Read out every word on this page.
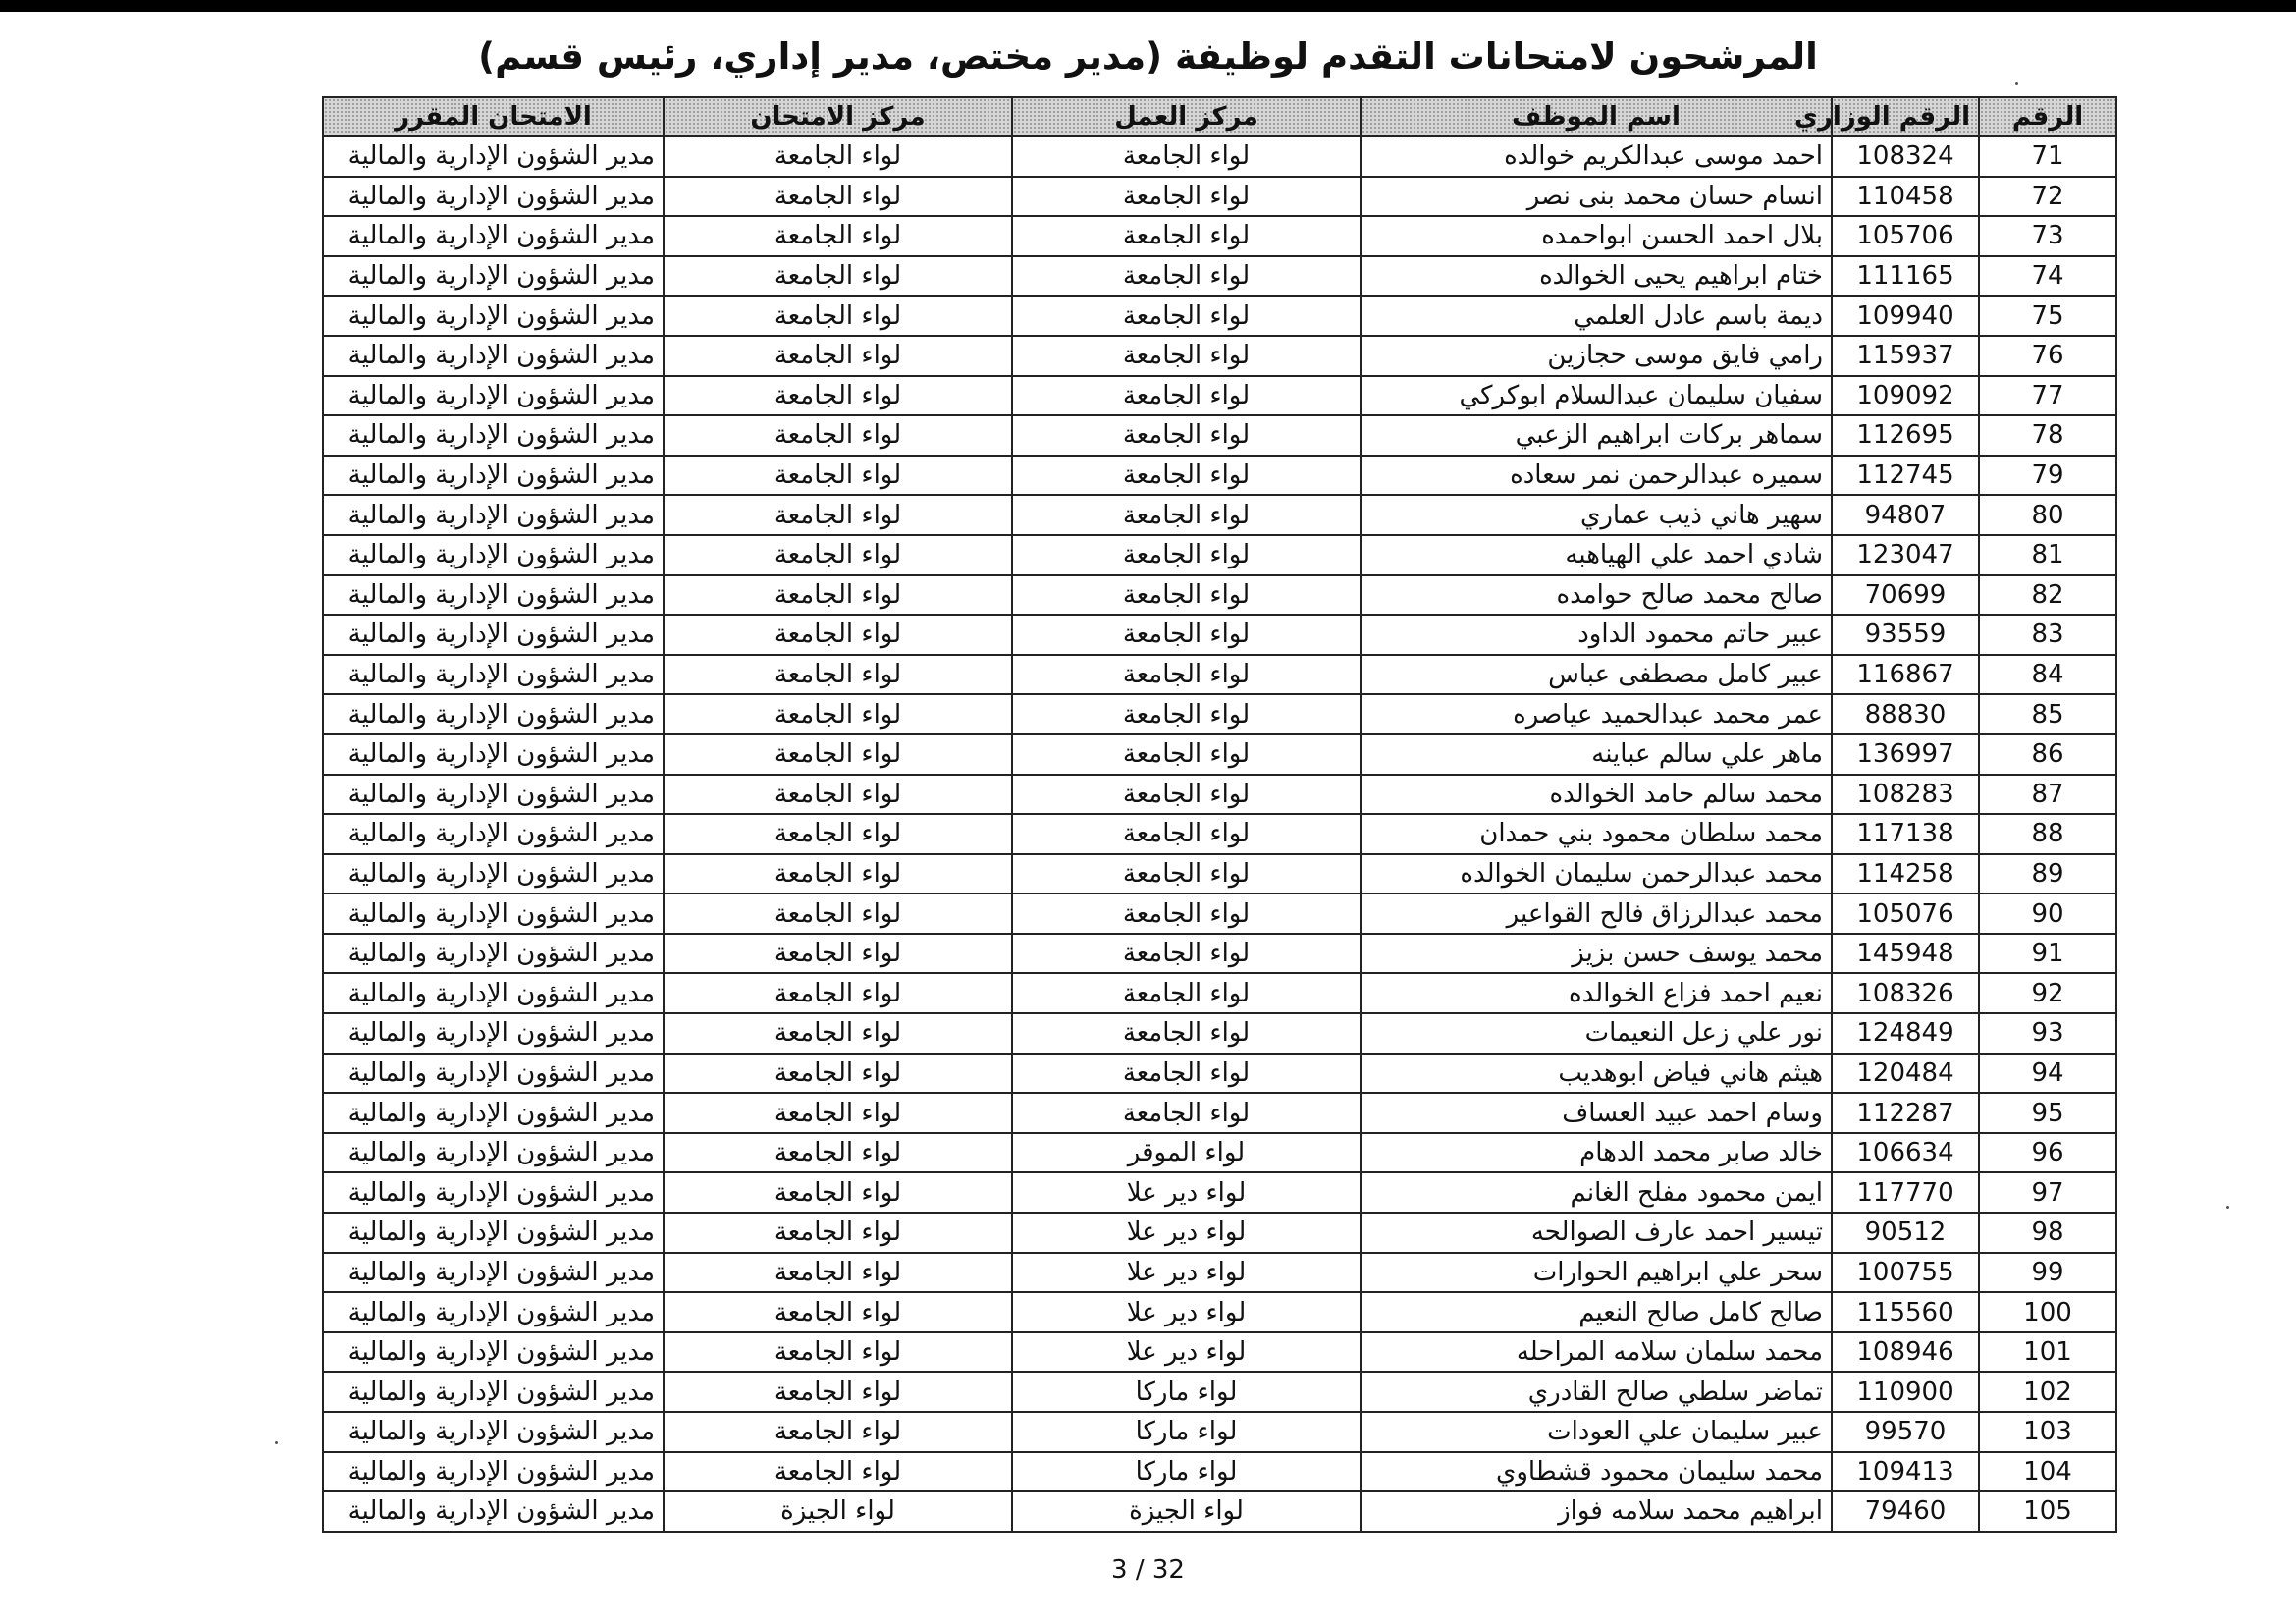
المرشحون لامتحانات التقدم لوظيفة (مدير مختص، مدير إداري، رئيس قسم)
الرقم	الرقم الوزاري	اسم الموظف	مركز العمل	مركز الامتحان	الامتحان المقرر
71	108324	احمد موسى عبدالكريم خوالده	لواء الجامعة	لواء الجامعة	مدير الشؤون الإدارية والمالية
72	110458	انسام حسان محمد بنى نصر	لواء الجامعة	لواء الجامعة	مدير الشؤون الإدارية والمالية
73	105706	بلال احمد الحسن ابواحمده	لواء الجامعة	لواء الجامعة	مدير الشؤون الإدارية والمالية
74	111165	ختام ابراهيم يحيى الخوالده	لواء الجامعة	لواء الجامعة	مدير الشؤون الإدارية والمالية
75	109940	ديمة باسم عادل العلمي	لواء الجامعة	لواء الجامعة	مدير الشؤون الإدارية والمالية
76	115937	رامي فايق موسى حجازين	لواء الجامعة	لواء الجامعة	مدير الشؤون الإدارية والمالية
77	109092	سفيان سليمان عبدالسلام ابوكركي	لواء الجامعة	لواء الجامعة	مدير الشؤون الإدارية والمالية
78	112695	سماهر بركات ابراهيم الزعبي	لواء الجامعة	لواء الجامعة	مدير الشؤون الإدارية والمالية
79	112745	سميره عبدالرحمن نمر سعاده	لواء الجامعة	لواء الجامعة	مدير الشؤون الإدارية والمالية
80	94807	سهير هاني ذيب عماري	لواء الجامعة	لواء الجامعة	مدير الشؤون الإدارية والمالية
81	123047	شادي احمد علي الهياهبه	لواء الجامعة	لواء الجامعة	مدير الشؤون الإدارية والمالية
82	70699	صالح محمد صالح حوامده	لواء الجامعة	لواء الجامعة	مدير الشؤون الإدارية والمالية
83	93559	عبير حاتم محمود الداود	لواء الجامعة	لواء الجامعة	مدير الشؤون الإدارية والمالية
84	116867	عبير كامل مصطفى عباس	لواء الجامعة	لواء الجامعة	مدير الشؤون الإدارية والمالية
85	88830	عمر محمد عبدالحميد عياصره	لواء الجامعة	لواء الجامعة	مدير الشؤون الإدارية والمالية
86	136997	ماهر علي سالم عباينه	لواء الجامعة	لواء الجامعة	مدير الشؤون الإدارية والمالية
87	108283	محمد سالم حامد الخوالده	لواء الجامعة	لواء الجامعة	مدير الشؤون الإدارية والمالية
88	117138	محمد سلطان محمود بني حمدان	لواء الجامعة	لواء الجامعة	مدير الشؤون الإدارية والمالية
89	114258	محمد عبدالرحمن سليمان الخوالده	لواء الجامعة	لواء الجامعة	مدير الشؤون الإدارية والمالية
90	105076	محمد عبدالرزاق فالح القواعير	لواء الجامعة	لواء الجامعة	مدير الشؤون الإدارية والمالية
91	145948	محمد يوسف حسن بزيز	لواء الجامعة	لواء الجامعة	مدير الشؤون الإدارية والمالية
92	108326	نعيم احمد فزاع الخوالده	لواء الجامعة	لواء الجامعة	مدير الشؤون الإدارية والمالية
93	124849	نور علي زعل النعيمات	لواء الجامعة	لواء الجامعة	مدير الشؤون الإدارية والمالية
94	120484	هيثم هاني فياض ابوهديب	لواء الجامعة	لواء الجامعة	مدير الشؤون الإدارية والمالية
95	112287	وسام احمد عبيد العساف	لواء الجامعة	لواء الجامعة	مدير الشؤون الإدارية والمالية
96	106634	خالد صابر محمد الدهام	لواء الموقر	لواء الجامعة	مدير الشؤون الإدارية والمالية
97	117770	ايمن محمود مفلح الغانم	لواء دير علا	لواء الجامعة	مدير الشؤون الإدارية والمالية
98	90512	تيسير احمد عارف الصوالحه	لواء دير علا	لواء الجامعة	مدير الشؤون الإدارية والمالية
99	100755	سحر علي ابراهيم الحوارات	لواء دير علا	لواء الجامعة	مدير الشؤون الإدارية والمالية
100	115560	صالح كامل صالح النعيم	لواء دير علا	لواء الجامعة	مدير الشؤون الإدارية والمالية
101	108946	محمد سلمان سلامه المراحله	لواء دير علا	لواء الجامعة	مدير الشؤون الإدارية والمالية
102	110900	تماضر سلطي صالح القادري	لواء ماركا	لواء الجامعة	مدير الشؤون الإدارية والمالية
103	99570	عبير سليمان علي العودات	لواء ماركا	لواء الجامعة	مدير الشؤون الإدارية والمالية
104	109413	محمد سليمان محمود قشطاوي	لواء ماركا	لواء الجامعة	مدير الشؤون الإدارية والمالية
105	79460	ابراهيم محمد سلامه فواز	لواء الجيزة	لواء الجيزة	مدير الشؤون الإدارية والمالية
3 / 32
